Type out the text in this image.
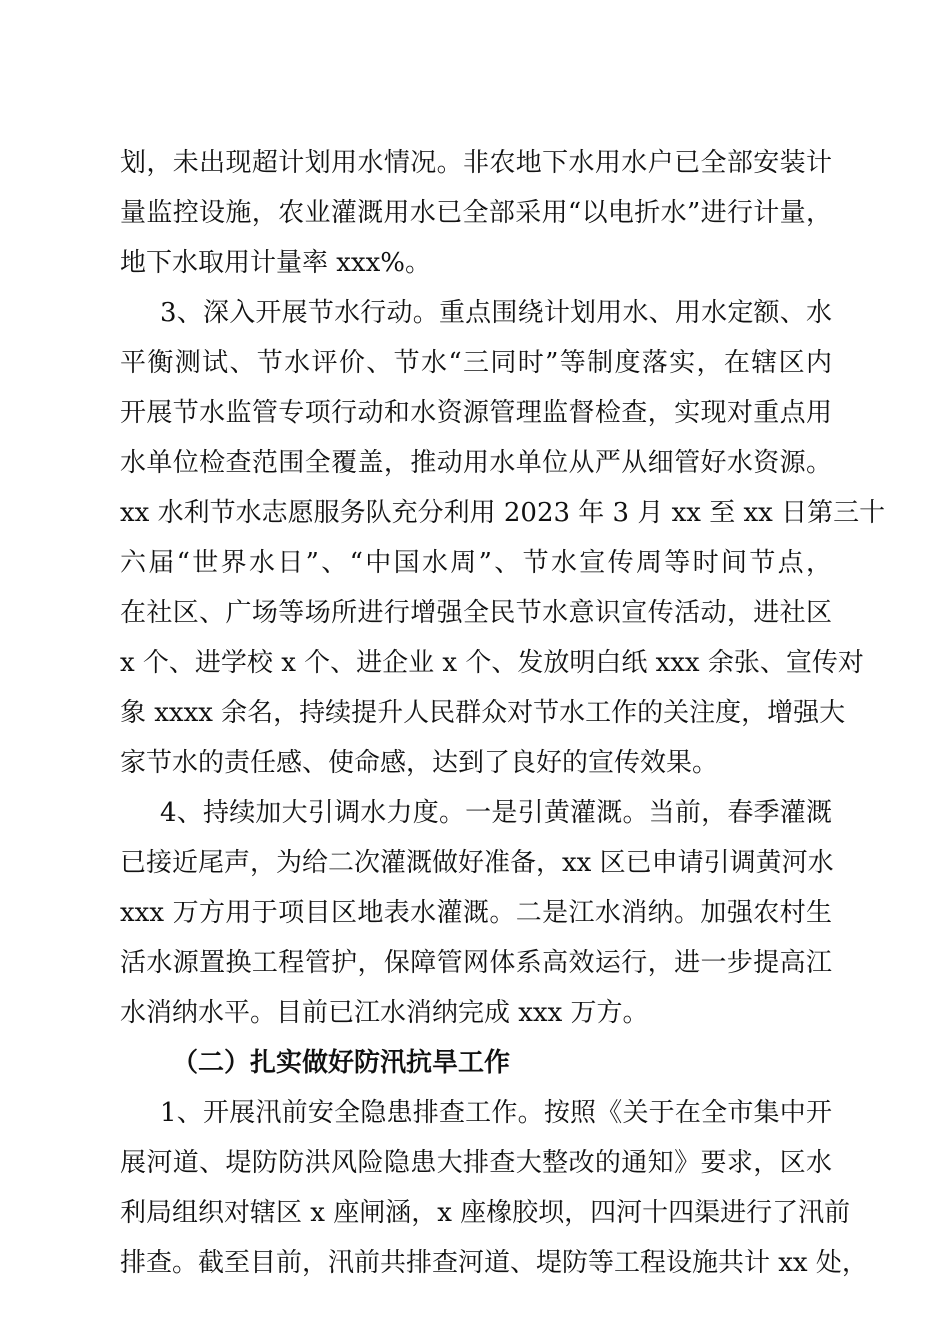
划，未出现超计划用水情况。非农地下水用水户已全部安装计
量监控设施，农业灌溉用水已全部采用“以电折水”进行计量，
地下水取用计量率 xxx%。
3、深入开展节水行动。重点围绕计划用水、用水定额、水
平衡测试、节水评价、节水“三同时”等制度落实，在辖区内
开展节水监管专项行动和水资源管理监督检查，实现对重点用
水单位检查范围全覆盖，推动用水单位从严从细管好水资源。
xx 水利节水志愿服务队充分利用 2023 年 3 月 xx 至 xx 日第三十
六届“世界水日”、“中国水周”、节水宣传周等时间节点，
在社区、广场等场所进行增强全民节水意识宣传活动，进社区
x 个、进学校 x 个、进企业 x 个、发放明白纸 xxx 余张、宣传对
象 xxxx 余名，持续提升人民群众对节水工作的关注度，增强大
家节水的责任感、使命感，达到了良好的宣传效果。
4、持续加大引调水力度。一是引黄灌溉。当前，春季灌溉
已接近尾声，为给二次灌溉做好准备，xx 区已申请引调黄河水
xxx 万方用于项目区地表水灌溉。二是江水消纳。加强农村生
活水源置换工程管护，保障管网体系高效运行，进一步提高江
水消纳水平。目前已江水消纳完成 xxx 万方。
（二）扎实做好防汛抗旱工作
1、开展汛前安全隐患排查工作。按照《关于在全市集中开
展河道、堤防防洪风险隐患大排查大整改的通知》要求，区水
利局组织对辖区 x 座闸涵，x 座橡胶坝，四河十四渠进行了汛前
排查。截至目前，汛前共排查河道、堤防等工程设施共计 xx 处，
